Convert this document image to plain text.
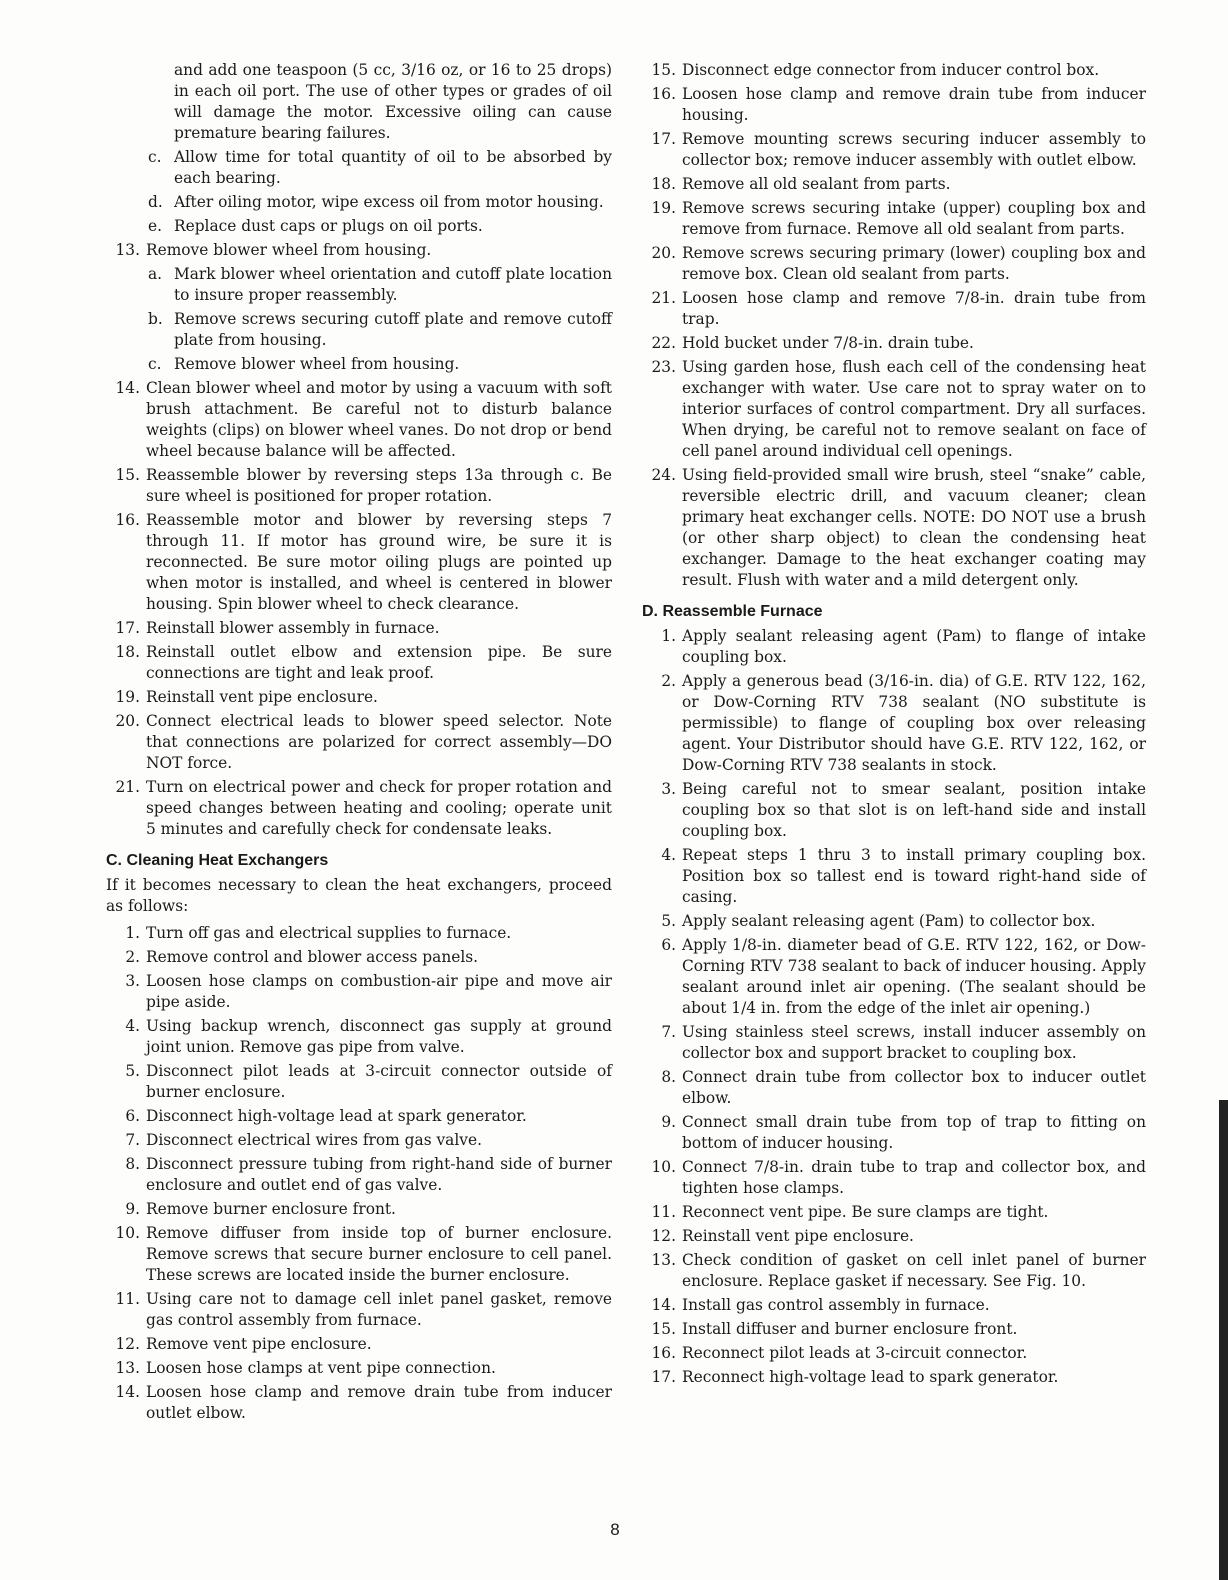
and add one teaspoon (5 cc, 3/16 oz, or 16 to 25 drops) in each oil port. The use of other types or grades of oil will damage the motor. Excessive oiling can cause premature bearing failures.
c. Allow time for total quantity of oil to be absorbed by each bearing.
d. After oiling motor, wipe excess oil from motor housing.
e. Replace dust caps or plugs on oil ports.
13. Remove blower wheel from housing.
a. Mark blower wheel orientation and cutoff plate location to insure proper reassembly.
b. Remove screws securing cutoff plate and remove cutoff plate from housing.
c. Remove blower wheel from housing.
14. Clean blower wheel and motor by using a vacuum with soft brush attachment. Be careful not to disturb balance weights (clips) on blower wheel vanes. Do not drop or bend wheel because balance will be affected.
15. Reassemble blower by reversing steps 13a through c. Be sure wheel is positioned for proper rotation.
16. Reassemble motor and blower by reversing steps 7 through 11. If motor has ground wire, be sure it is reconnected. Be sure motor oiling plugs are pointed up when motor is installed, and wheel is centered in blower housing. Spin blower wheel to check clearance.
17. Reinstall blower assembly in furnace.
18. Reinstall outlet elbow and extension pipe. Be sure connections are tight and leak proof.
19. Reinstall vent pipe enclosure.
20. Connect electrical leads to blower speed selector. Note that connections are polarized for correct assembly—DO NOT force.
21. Turn on electrical power and check for proper rotation and speed changes between heating and cooling; operate unit 5 minutes and carefully check for condensate leaks.
C. Cleaning Heat Exchangers
If it becomes necessary to clean the heat exchangers, proceed as follows:
1. Turn off gas and electrical supplies to furnace.
2. Remove control and blower access panels.
3. Loosen hose clamps on combustion-air pipe and move air pipe aside.
4. Using backup wrench, disconnect gas supply at ground joint union. Remove gas pipe from valve.
5. Disconnect pilot leads at 3-circuit connector outside of burner enclosure.
6. Disconnect high-voltage lead at spark generator.
7. Disconnect electrical wires from gas valve.
8. Disconnect pressure tubing from right-hand side of burner enclosure and outlet end of gas valve.
9. Remove burner enclosure front.
10. Remove diffuser from inside top of burner enclosure. Remove screws that secure burner enclosure to cell panel. These screws are located inside the burner enclosure.
11. Using care not to damage cell inlet panel gasket, remove gas control assembly from furnace.
12. Remove vent pipe enclosure.
13. Loosen hose clamps at vent pipe connection.
14. Loosen hose clamp and remove drain tube from inducer outlet elbow.
15. Disconnect edge connector from inducer control box.
16. Loosen hose clamp and remove drain tube from inducer housing.
17. Remove mounting screws securing inducer assembly to collector box; remove inducer assembly with outlet elbow.
18. Remove all old sealant from parts.
19. Remove screws securing intake (upper) coupling box and remove from furnace. Remove all old sealant from parts.
20. Remove screws securing primary (lower) coupling box and remove box. Clean old sealant from parts.
21. Loosen hose clamp and remove 7/8-in. drain tube from trap.
22. Hold bucket under 7/8-in. drain tube.
23. Using garden hose, flush each cell of the condensing heat exchanger with water. Use care not to spray water on to interior surfaces of control compartment. Dry all surfaces. When drying, be careful not to remove sealant on face of cell panel around individual cell openings.
24. Using field-provided small wire brush, steel “snake” cable, reversible electric drill, and vacuum cleaner; clean primary heat exchanger cells. NOTE: DO NOT use a brush (or other sharp object) to clean the condensing heat exchanger. Damage to the heat exchanger coating may result. Flush with water and a mild detergent only.
D. Reassemble Furnace
1. Apply sealant releasing agent (Pam) to flange of intake coupling box.
2. Apply a generous bead (3/16-in. dia) of G.E. RTV 122, 162, or Dow-Corning RTV 738 sealant (NO substitute is permissible) to flange of coupling box over releasing agent. Your Distributor should have G.E. RTV 122, 162, or Dow-Corning RTV 738 sealants in stock.
3. Being careful not to smear sealant, position intake coupling box so that slot is on left-hand side and install coupling box.
4. Repeat steps 1 thru 3 to install primary coupling box. Position box so tallest end is toward right-hand side of casing.
5. Apply sealant releasing agent (Pam) to collector box.
6. Apply 1/8-in. diameter bead of G.E. RTV 122, 162, or Dow-Corning RTV 738 sealant to back of inducer housing. Apply sealant around inlet air opening. (The sealant should be about 1/4 in. from the edge of the inlet air opening.)
7. Using stainless steel screws, install inducer assembly on collector box and support bracket to coupling box.
8. Connect drain tube from collector box to inducer outlet elbow.
9. Connect small drain tube from top of trap to fitting on bottom of inducer housing.
10. Connect 7/8-in. drain tube to trap and collector box, and tighten hose clamps.
11. Reconnect vent pipe. Be sure clamps are tight.
12. Reinstall vent pipe enclosure.
13. Check condition of gasket on cell inlet panel of burner enclosure. Replace gasket if necessary. See Fig. 10.
14. Install gas control assembly in furnace.
15. Install diffuser and burner enclosure front.
16. Reconnect pilot leads at 3-circuit connector.
17. Reconnect high-voltage lead to spark generator.
8
